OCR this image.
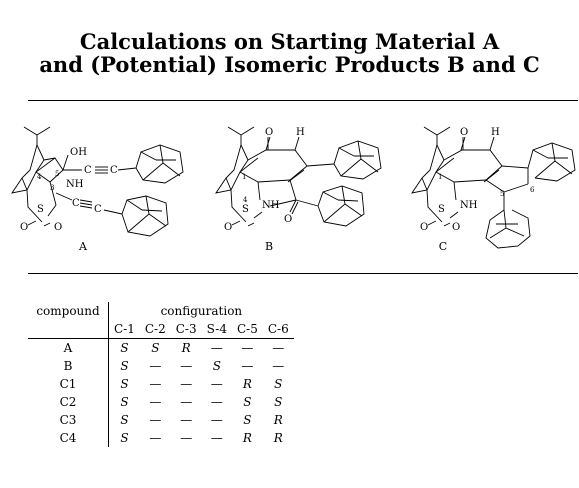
Calculations on Starting Material A
and (Potential) Isomeric Products B and C
OH
C C
NH
C
C
S
O	O
4 5
3
O H
1
4
S
O
NH
O
O H
1
5	6
S
O O
NH
A	B	C
compound	configuration					
	C-1	C-2	C-3	S-4	C-5	C-6
A	S	S	R	—	—	—
B	S	—	—	S	—	—
C1	S	—	—	—	R	S
C2	S	—	—	—	S	S
C3	S	—	—	—	S	R
C4	S	—	—	—	R	R
